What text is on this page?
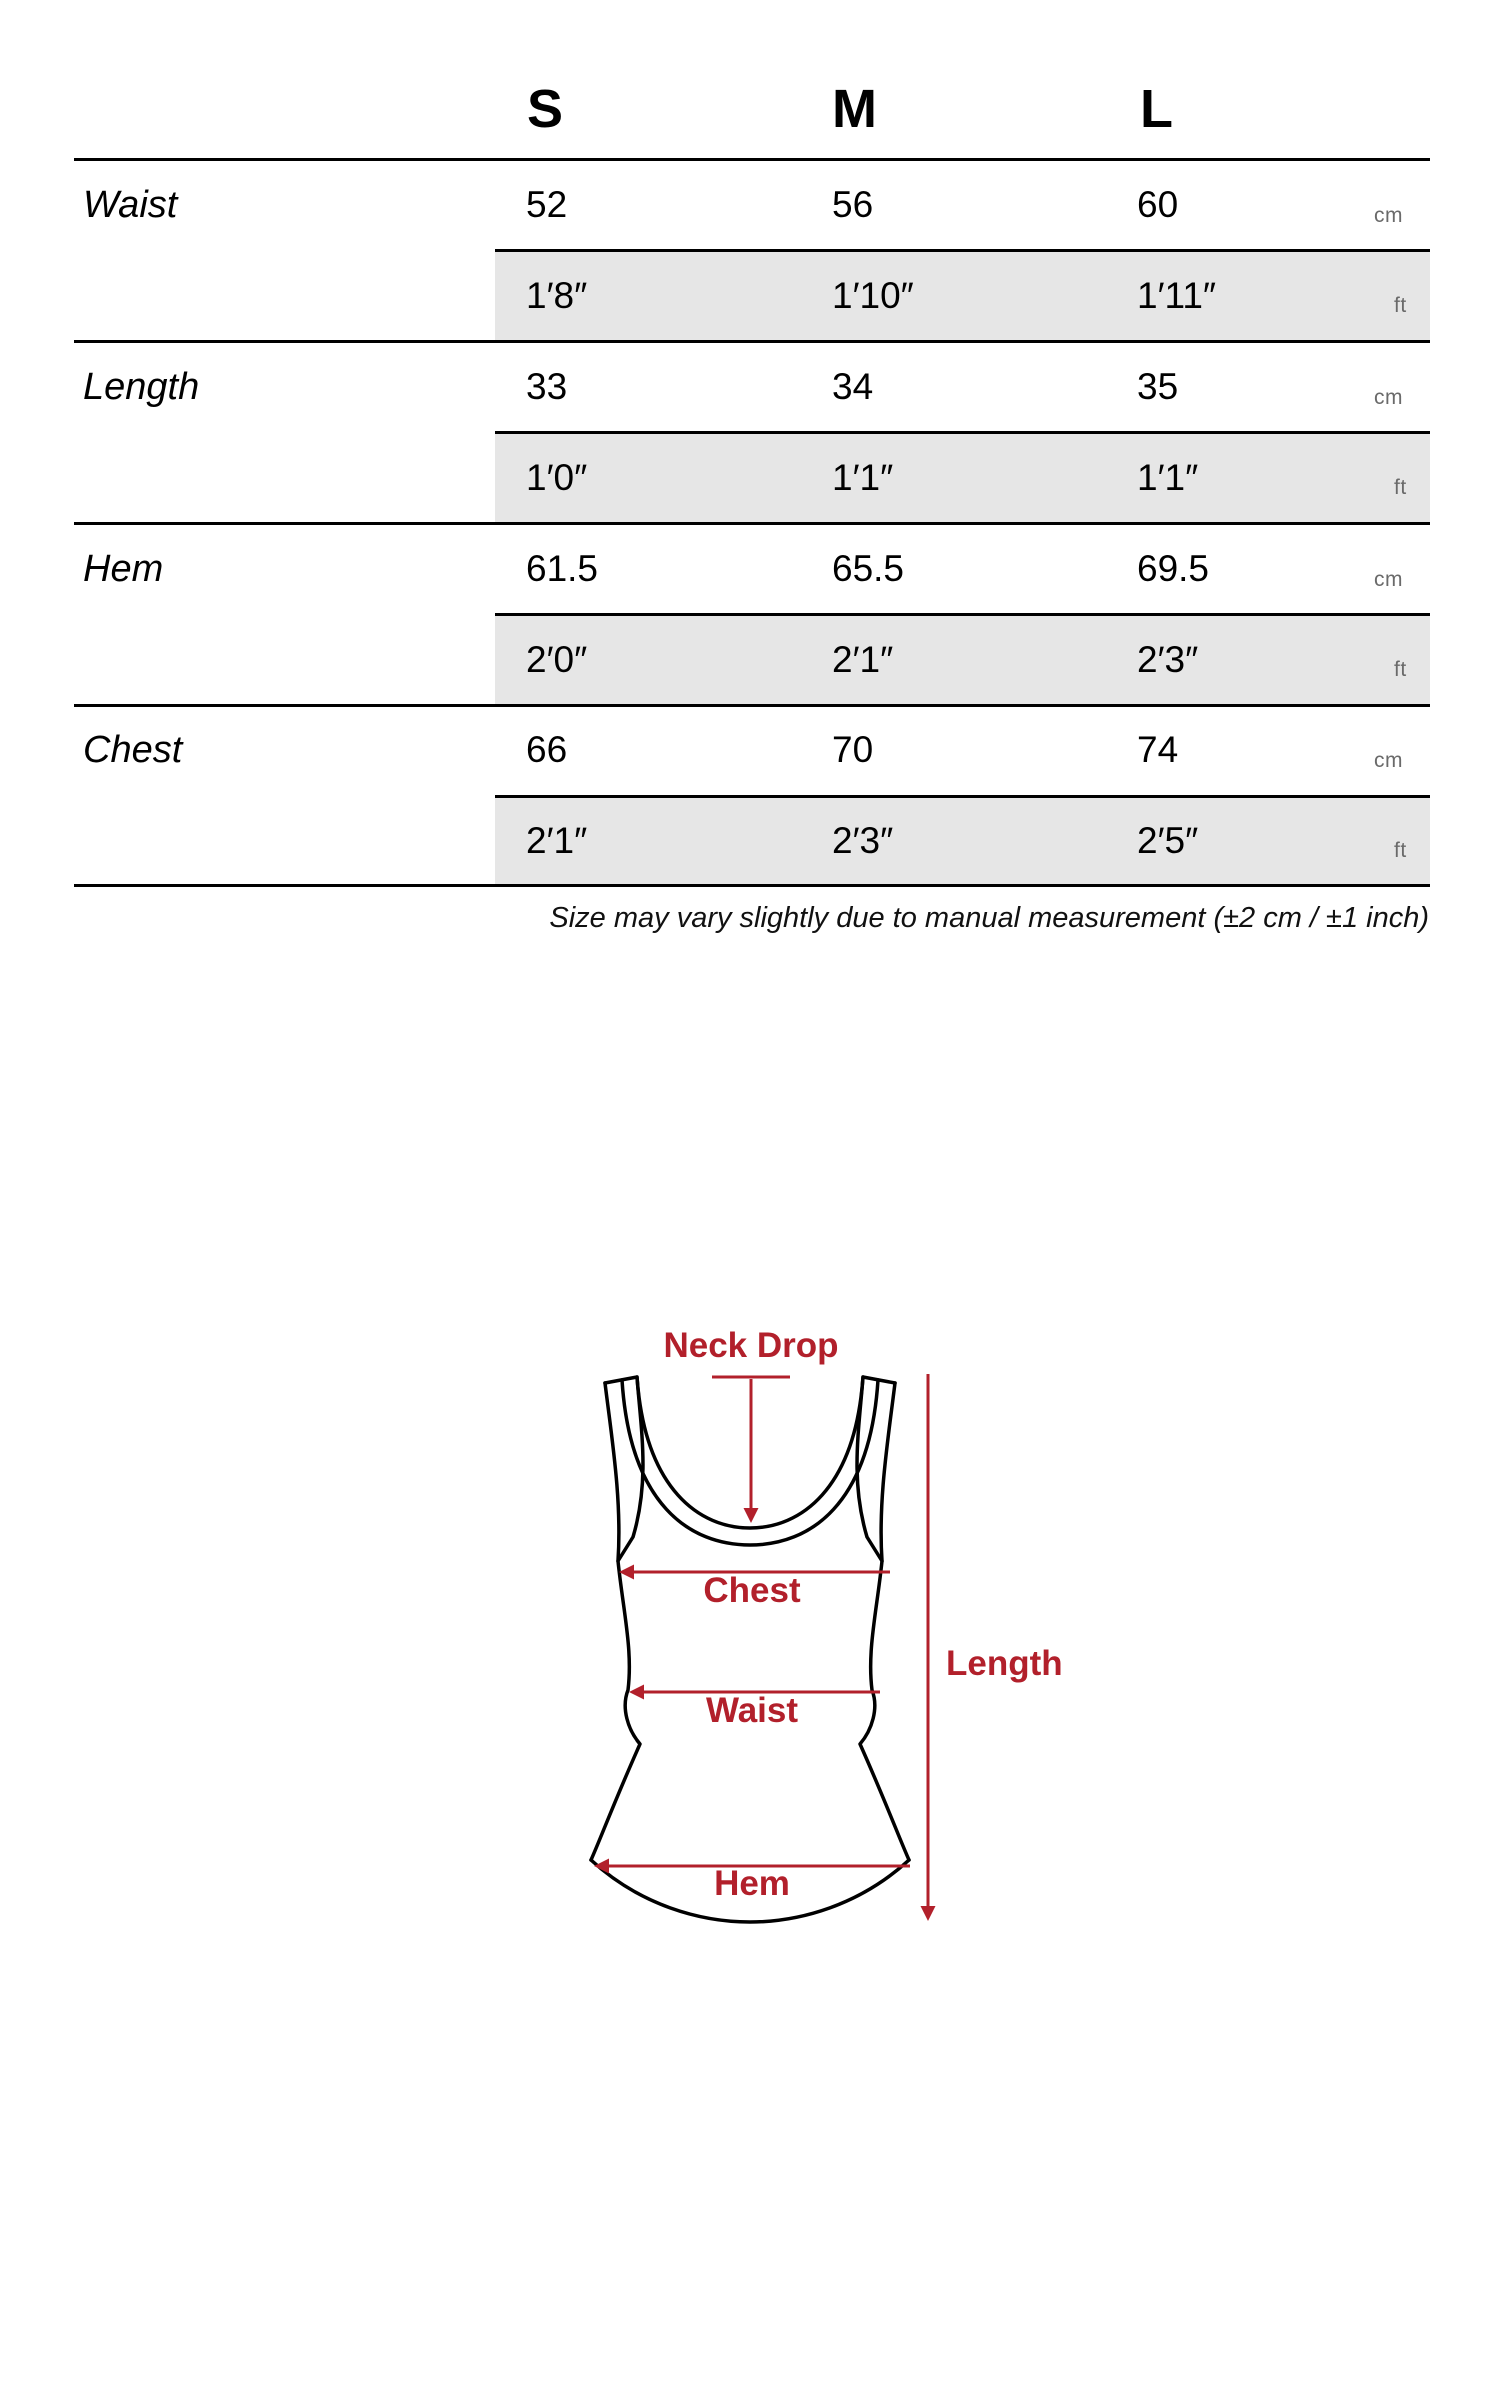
S	M	L
Waist	52	56	60	cm
1′8″	1′10″	1′11″	ft
Length	33	34	35	cm
1′0″	1′1″	1′1″	ft
Hem	61.5	65.5	69.5	cm
2′0″	2′1″	2′3″	ft
Chest	66	70	74	cm
2′1″	2′3″	2′5″	ft
Size may vary slightly due to manual measurement (±2 cm / ±1 inch)
Neck Drop
Chest
Waist
Hem
Length
